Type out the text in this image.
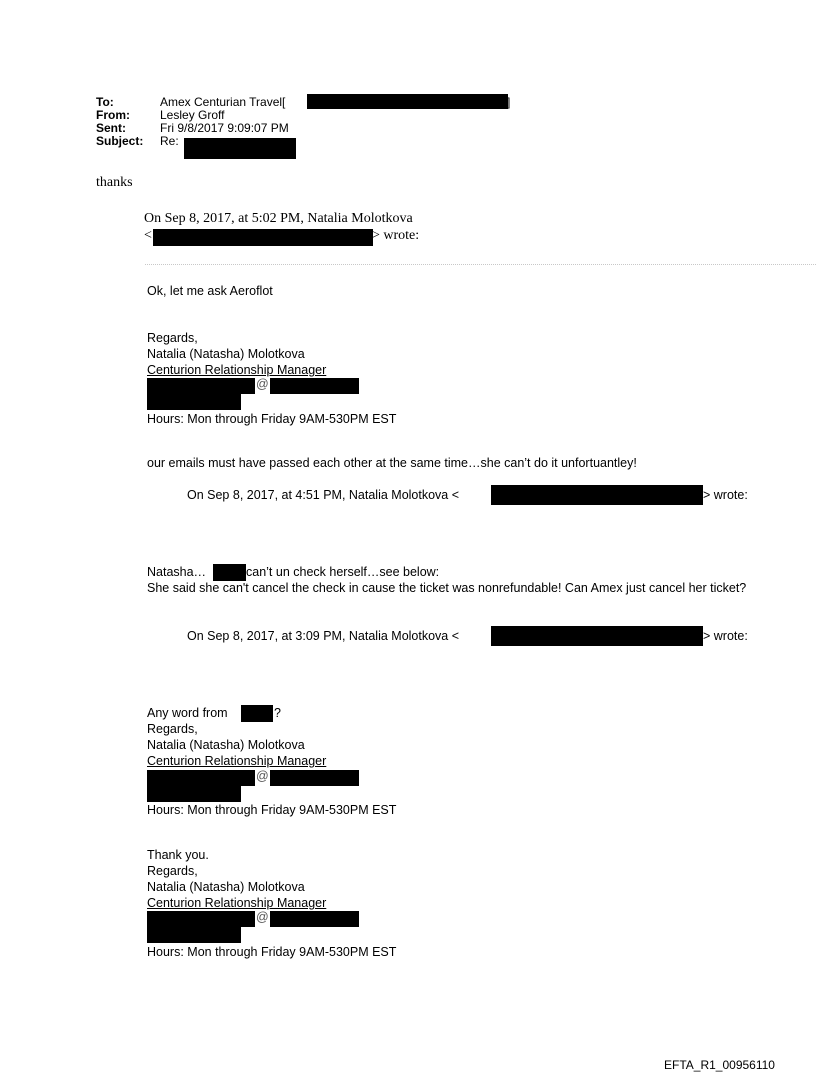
To:	Amex Centurian Travel[	]
From:	Lesley Groff
Sent:	Fri 9/8/2017 9:09:07 PM
Subject: Re:
thanks
On Sep 8, 2017, at 5:02 PM, Natalia Molotkova
<	> wrote:
Ok, let me ask Aeroflot
Regards,
Natalia (Natasha) Molotkova
Centurion Relationship Manager
@
Hours: Mon through Friday 9AM-530PM EST
our emails must have passed each other at the same time…she can’t do it unfortuantley!
On Sep 8, 2017, at 4:51 PM, Natalia Molotkova <	> wrote:
Natasha…	can’t un check herself…see below:
She said she can't cancel the check in cause the ticket was nonrefundable! Can Amex just cancel her ticket?
On Sep 8, 2017, at 3:09 PM, Natalia Molotkova <	> wrote:
Any word from	?
Regards,
Natalia (Natasha) Molotkova
Centurion Relationship Manager
@
Hours: Mon through Friday 9AM-530PM EST
Thank you.
Regards,
Natalia (Natasha) Molotkova
Centurion Relationship Manager
@
Hours: Mon through Friday 9AM-530PM EST
EFTA_R1_00956110
